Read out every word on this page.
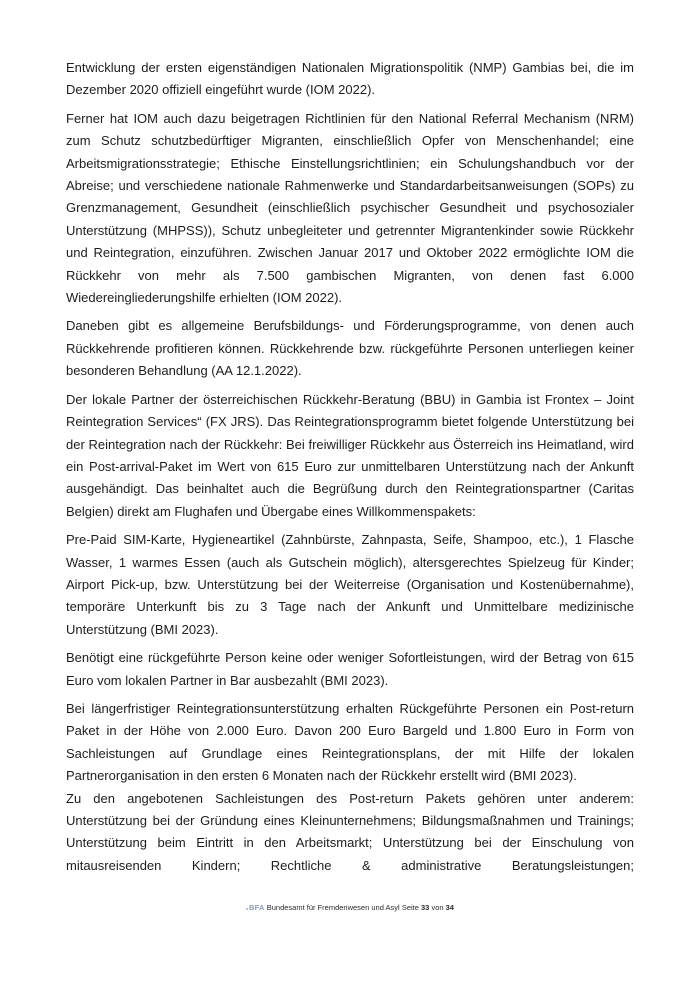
Entwicklung der ersten eigenständigen Nationalen Migrationspolitik (NMP) Gambias bei, die im Dezember 2020 offiziell eingeführt wurde (IOM 2022).

Ferner hat IOM auch dazu beigetragen Richtlinien für den National Referral Mechanism (NRM) zum Schutz schutzbedürftiger Migranten, einschließlich Opfer von Menschenhandel; eine Arbeitsmigrationsstrategie; Ethische Einstellungsrichtlinien; ein Schulungshandbuch vor der Abreise; und verschiedene nationale Rahmenwerke und Standardarbeitsanweisungen (SOPs) zu Grenzmanagement, Gesundheit (einschließlich psychischer Gesundheit und psychosozialer Unterstützung (MHPSS)), Schutz unbegleiteter und getrennter Migrantenkinder sowie Rückkehr und Reintegration, einzuführen. Zwischen Januar 2017 und Oktober 2022 ermöglichte IOM die Rückkehr von mehr als 7.500 gambischen Migranten, von denen fast 6.000 Wiedereingliederungshilfe erhielten (IOM 2022).

Daneben gibt es allgemeine Berufsbildungs- und Förderungsprogramme, von denen auch Rückkehrende profitieren können. Rückkehrende bzw. rückgeführte Personen unterliegen keiner besonderen Behandlung (AA 12.1.2022).

Der lokale Partner der österreichischen Rückkehr-Beratung (BBU) in Gambia ist Frontex – Joint Reintegration Services“ (FX JRS). Das Reintegrationsprogramm bietet folgende Unterstützung bei der Reintegration nach der Rückkehr: Bei freiwilliger Rückkehr aus Österreich ins Heimatland, wird ein Post-arrival-Paket im Wert von 615 Euro zur unmittelbaren Unterstützung nach der Ankunft ausgehändigt. Das beinhaltet auch die Begrüßung durch den Reintegrationspartner (Caritas Belgien) direkt am Flughafen und Übergabe eines Willkommenspakets:

Pre-Paid SIM-Karte, Hygieneartikel (Zahnbürste, Zahnpasta, Seife, Shampoo, etc.), 1 Flasche Wasser, 1 warmes Essen (auch als Gutschein möglich), altersgerechtes Spielzeug für Kinder; Airport Pick-up, bzw. Unterstützung bei der Weiterreise (Organisation und Kostenübernahme), temporäre Unterkunft bis zu 3 Tage nach der Ankunft und Unmittelbare medizinische Unterstützung (BMI 2023).

Benötigt eine rückgeführte Person keine oder weniger Sofortleistungen, wird der Betrag von 615 Euro vom lokalen Partner in Bar ausbezahlt (BMI 2023).

Bei längerfristiger Reintegrationsunterstützung erhalten Rückgeführte Personen ein Post-return Paket in der Höhe von 2.000 Euro. Davon 200 Euro Bargeld und 1.800 Euro in Form von Sachleistungen auf Grundlage eines Reintegrationsplans, der mit Hilfe der lokalen Partnerorganisation in den ersten 6 Monaten nach der Rückkehr erstellt wird (BMI 2023).

Zu den angebotenen Sachleistungen des Post-return Pakets gehören unter anderem: Unterstützung bei der Gründung eines Kleinunternehmens; Bildungsmaßnahmen und Trainings; Unterstützung beim Eintritt in den Arbeitsmarkt; Unterstützung bei der Einschulung von mitausreisenden Kindern; Rechtliche & administrative Beratungsleistungen;

BFA Bundesamt für Fremdenwesen und Asyl Seite 33 von 34
